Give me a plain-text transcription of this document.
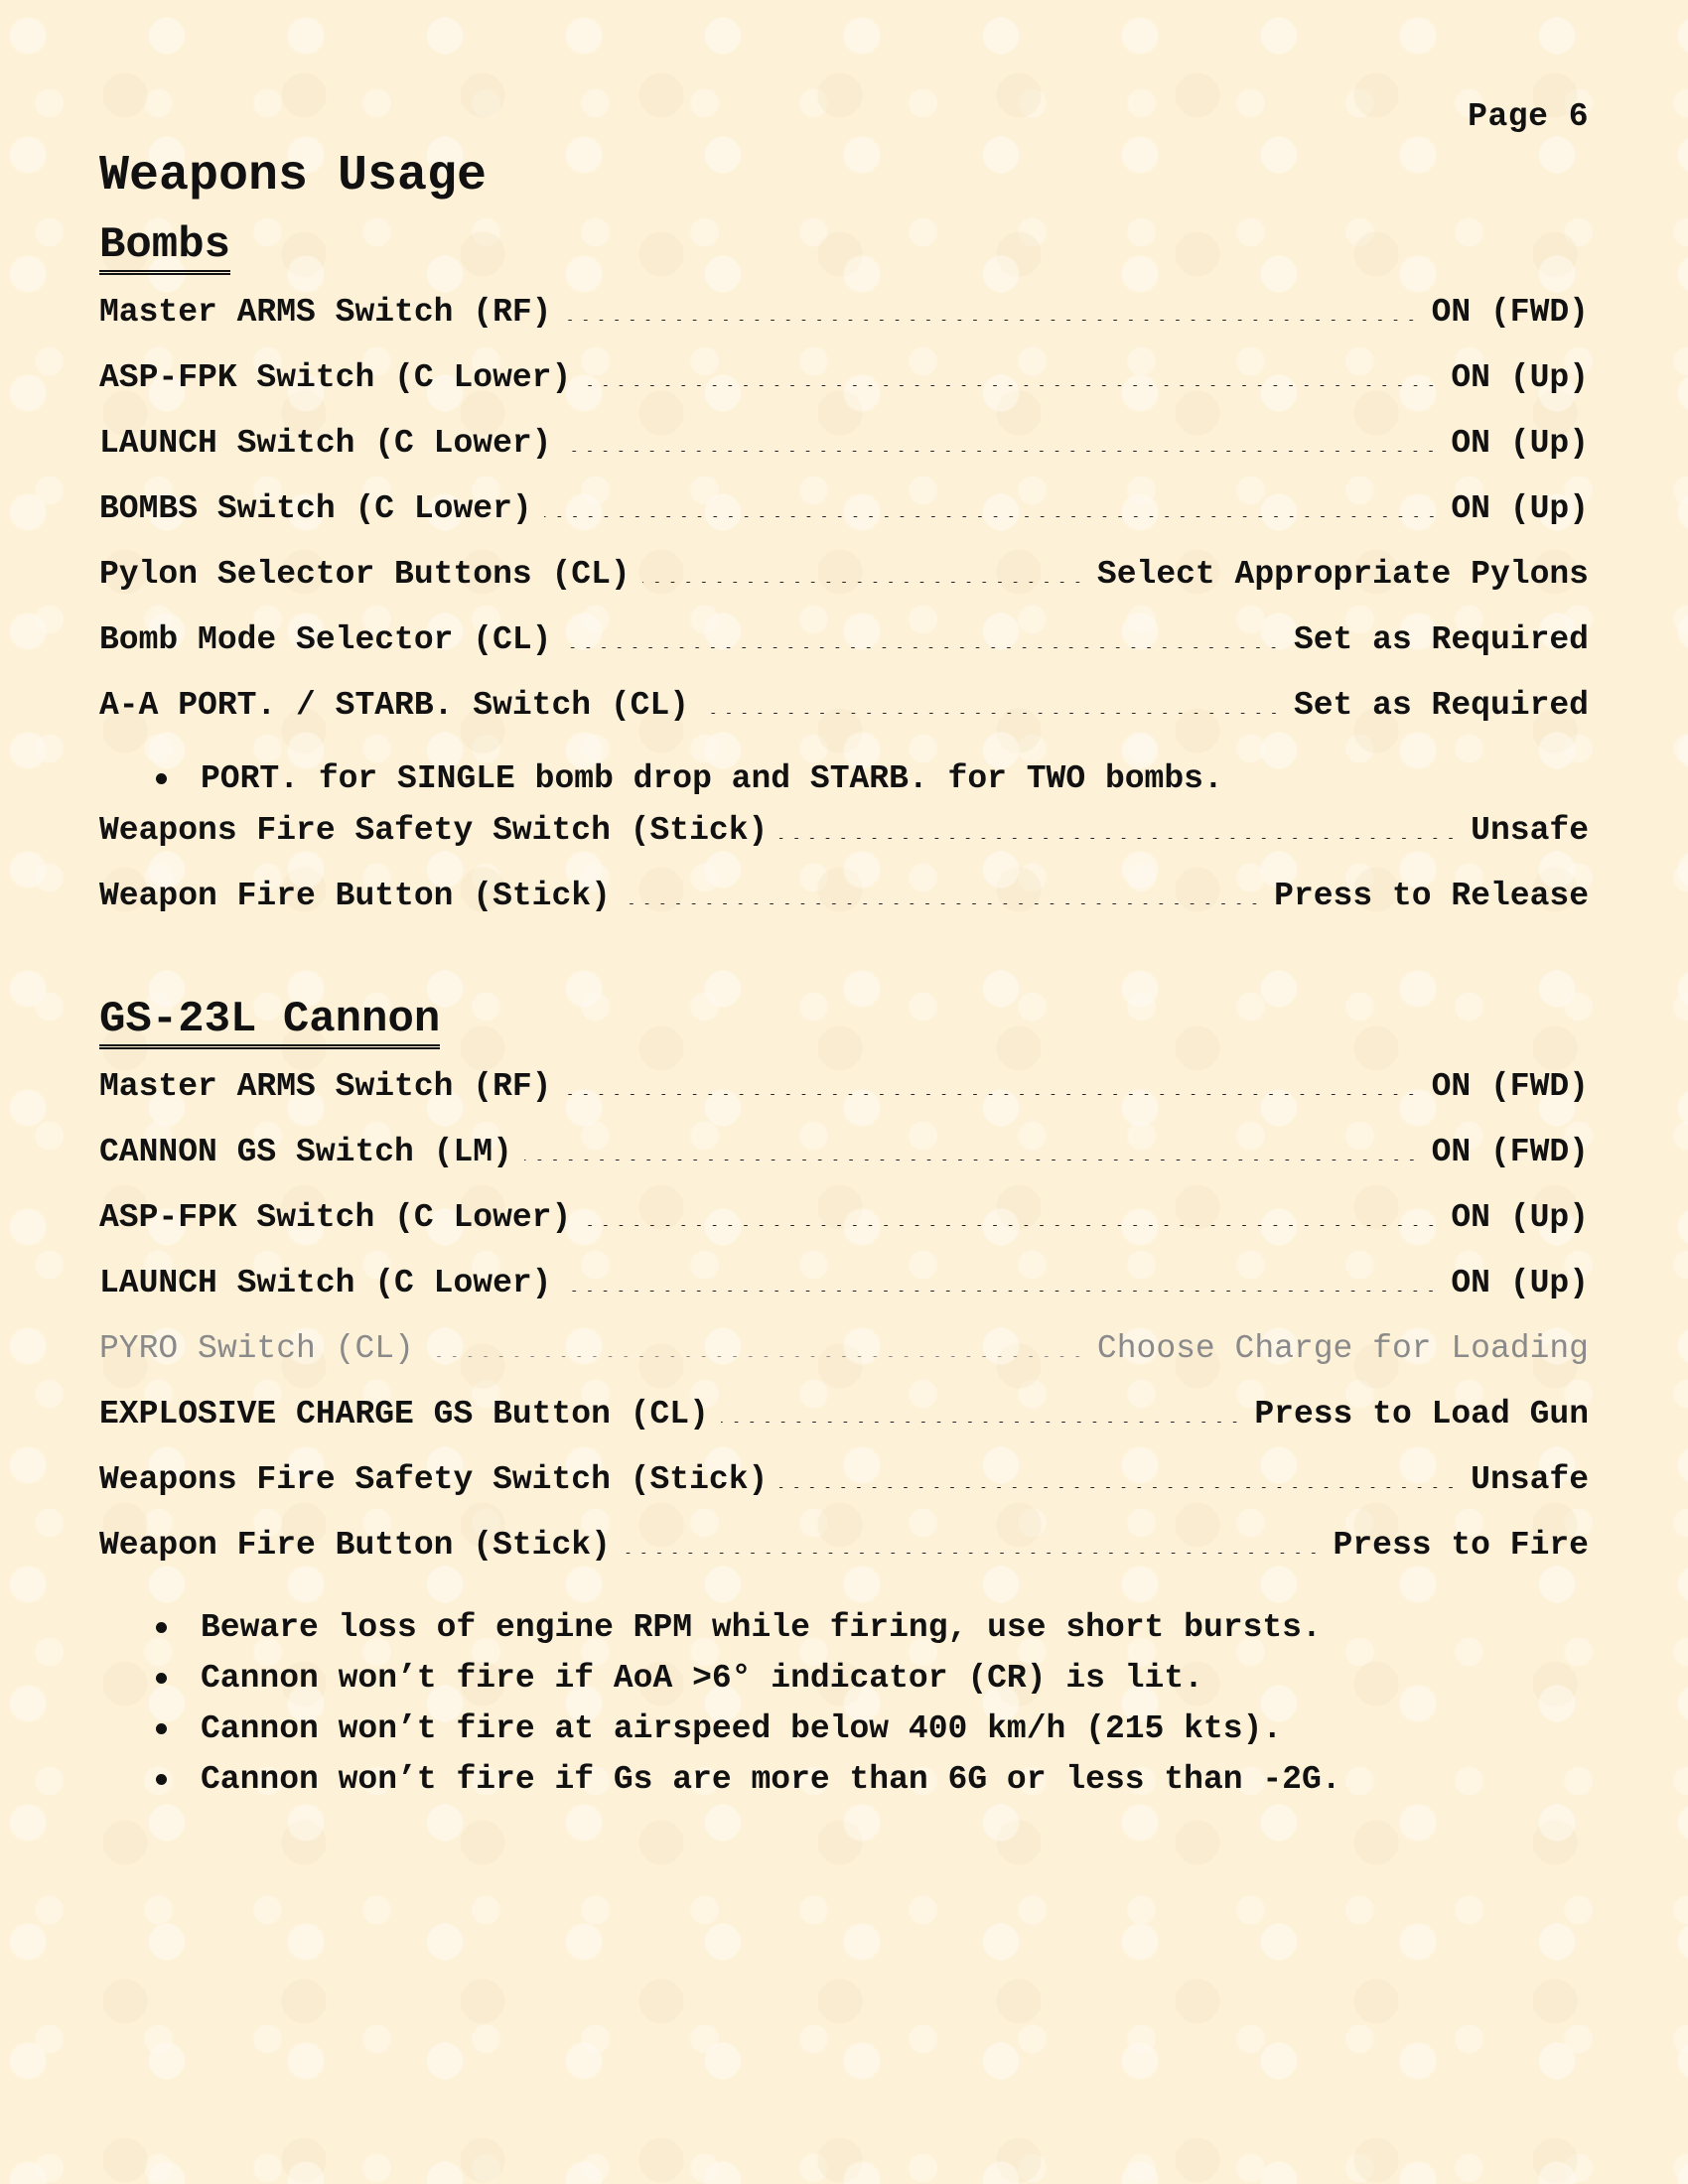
Page 6
Weapons Usage
Bombs
Master ARMS Switch (RF)	ON (FWD)
ASP-FPK Switch (C Lower)	ON (Up)
LAUNCH Switch (C Lower)	ON (Up)
BOMBS Switch (C Lower)	ON (Up)
Pylon Selector Buttons (CL)	Select Appropriate Pylons
Bomb Mode Selector (CL)	Set as Required
A-A PORT. / STARB. Switch (CL)	Set as Required
PORT. for SINGLE bomb drop and STARB. for TWO bombs.
Weapons Fire Safety Switch (Stick)	Unsafe
Weapon Fire Button (Stick)	Press to Release
GS-23L Cannon
Master ARMS Switch (RF)	ON (FWD)
CANNON GS Switch (LM)	ON (FWD)
ASP-FPK Switch (C Lower)	ON (Up)
LAUNCH Switch (C Lower)	ON (Up)
PYRO Switch (CL)	Choose Charge for Loading
EXPLOSIVE CHARGE GS Button (CL)	Press to Load Gun
Weapons Fire Safety Switch (Stick)	Unsafe
Weapon Fire Button (Stick)	Press to Fire
Beware loss of engine RPM while firing, use short bursts.
Cannon won’t fire if AoA >6° indicator (CR) is lit.
Cannon won’t fire at airspeed below 400 km/h (215 kts).
Cannon won’t fire if Gs are more than 6G or less than -2G.
